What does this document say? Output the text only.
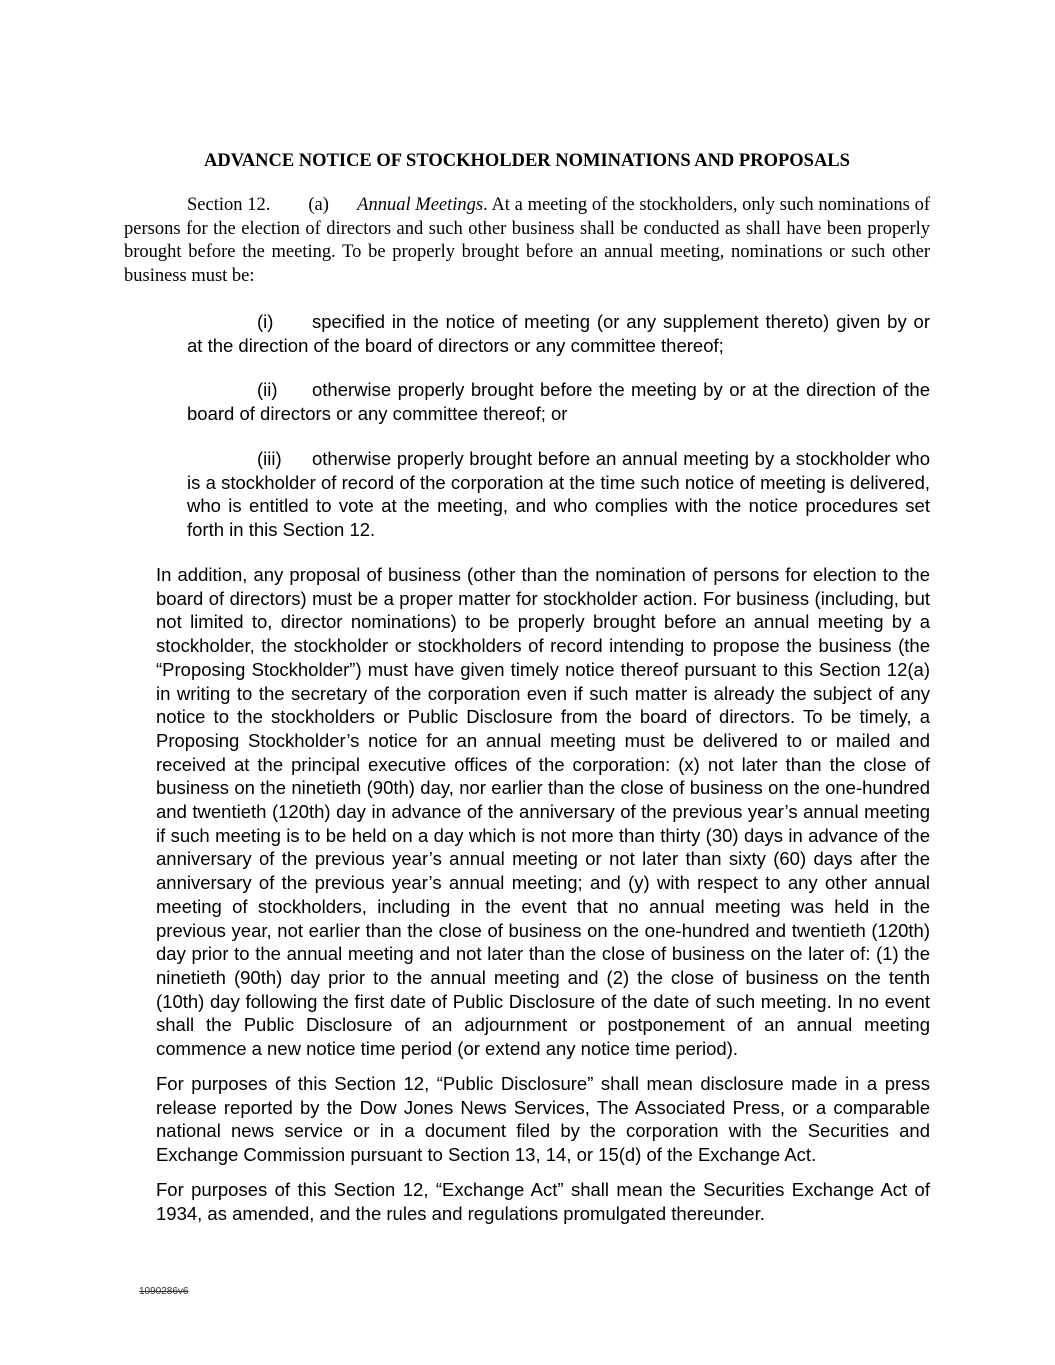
ADVANCE NOTICE OF STOCKHOLDER NOMINATIONS AND PROPOSALS

Section 12. (a) Annual Meetings. At a meeting of the stockholders, only such nominations of persons for the election of directors and such other business shall be conducted as shall have been properly brought before the meeting. To be properly brought before an annual meeting, nominations or such other business must be:

(i) specified in the notice of meeting (or any supplement thereto) given by or at the direction of the board of directors or any committee thereof;

(ii) otherwise properly brought before the meeting by or at the direction of the board of directors or any committee thereof; or

(iii) otherwise properly brought before an annual meeting by a stockholder who is a stockholder of record of the corporation at the time such notice of meeting is delivered, who is entitled to vote at the meeting, and who complies with the notice procedures set forth in this Section 12.

In addition, any proposal of business (other than the nomination of persons for election to the board of directors) must be a proper matter for stockholder action. For business (including, but not limited to, director nominations) to be properly brought before an annual meeting by a stockholder, the stockholder or stockholders of record intending to propose the business (the “Proposing Stockholder”) must have given timely notice thereof pursuant to this Section 12(a) in writing to the secretary of the corporation even if such matter is already the subject of any notice to the stockholders or Public Disclosure from the board of directors. To be timely, a Proposing Stockholder’s notice for an annual meeting must be delivered to or mailed and received at the principal executive offices of the corporation: (x) not later than the close of business on the ninetieth (90th) day, nor earlier than the close of business on the one-hundred and twentieth (120th) day in advance of the anniversary of the previous year’s annual meeting if such meeting is to be held on a day which is not more than thirty (30) days in advance of the anniversary of the previous year’s annual meeting or not later than sixty (60) days after the anniversary of the previous year’s annual meeting; and (y) with respect to any other annual meeting of stockholders, including in the event that no annual meeting was held in the previous year, not earlier than the close of business on the one-hundred and twentieth (120th) day prior to the annual meeting and not later than the close of business on the later of: (1) the ninetieth (90th) day prior to the annual meeting and (2) the close of business on the tenth (10th) day following the first date of Public Disclosure of the date of such meeting. In no event shall the Public Disclosure of an adjournment or postponement of an annual meeting commence a new notice time period (or extend any notice time period).

For purposes of this Section 12, “Public Disclosure” shall mean disclosure made in a press release reported by the Dow Jones News Services, The Associated Press, or a comparable national news service or in a document filed by the corporation with the Securities and Exchange Commission pursuant to Section 13, 14, or 15(d) of the Exchange Act.

For purposes of this Section 12, “Exchange Act” shall mean the Securities Exchange Act of 1934, as amended, and the rules and regulations promulgated thereunder.

1090286v6
